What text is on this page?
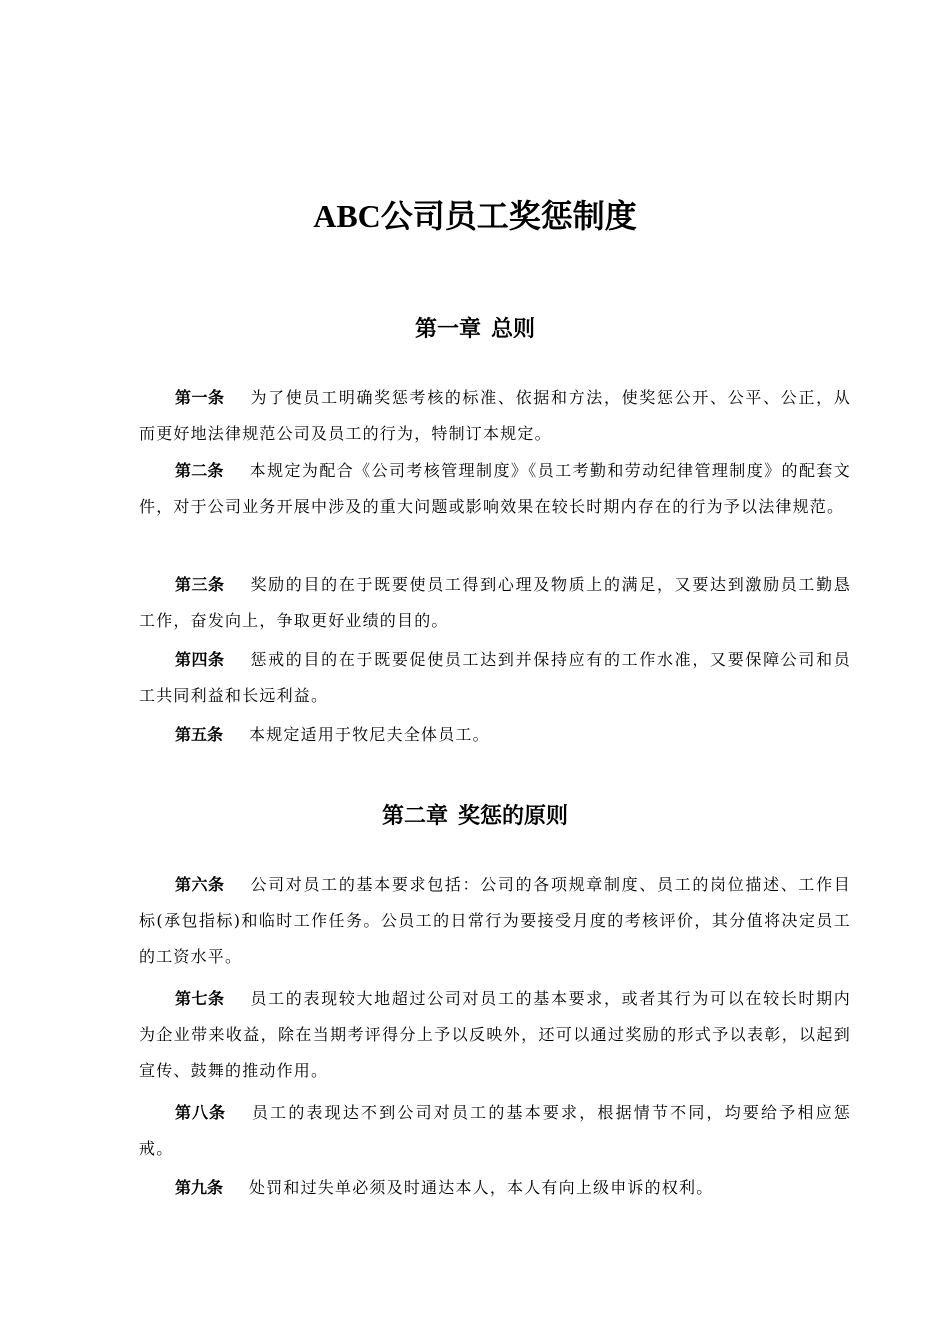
ABC公司员工奖惩制度
第一章 总则

第一条 为了使员工明确奖惩考核的标准、依据和方法，使奖惩公开、公平、公正，从而更好地法律规范公司及员工的行为，特制订本规定。

第二条 本规定为配合《公司考核管理制度》《员工考勤和劳动纪律管理制度》的配套文件，对于公司业务开展中涉及的重大问题或影响效果在较长时期内存在的行为予以法律规范。

第三条 奖励的目的在于既要使员工得到心理及物质上的满足，又要达到激励员工勤恳工作，奋发向上，争取更好业绩的目的。

第四条 惩戒的目的在于既要促使员工达到并保持应有的工作水准，又要保障公司和员工共同利益和长远利益。

第五条 本规定适用于牧尼夫全体员工。

第二章 奖惩的原则

第六条 公司对员工的基本要求包括：公司的各项规章制度、员工的岗位描述、工作目标(承包指标)和临时工作任务。公员工的日常行为要接受月度的考核评价，其分值将决定员工的工资水平。

第七条 员工的表现较大地超过公司对员工的基本要求，或者其行为可以在较长时期内为企业带来收益，除在当期考评得分上予以反映外，还可以通过奖励的形式予以表彰，以起到宣传、鼓舞的推动作用。

第八条 员工的表现达不到公司对员工的基本要求，根据情节不同，均要给予相应惩戒。

第九条 处罚和过失单必须及时通达本人，本人有向上级申诉的权利。
